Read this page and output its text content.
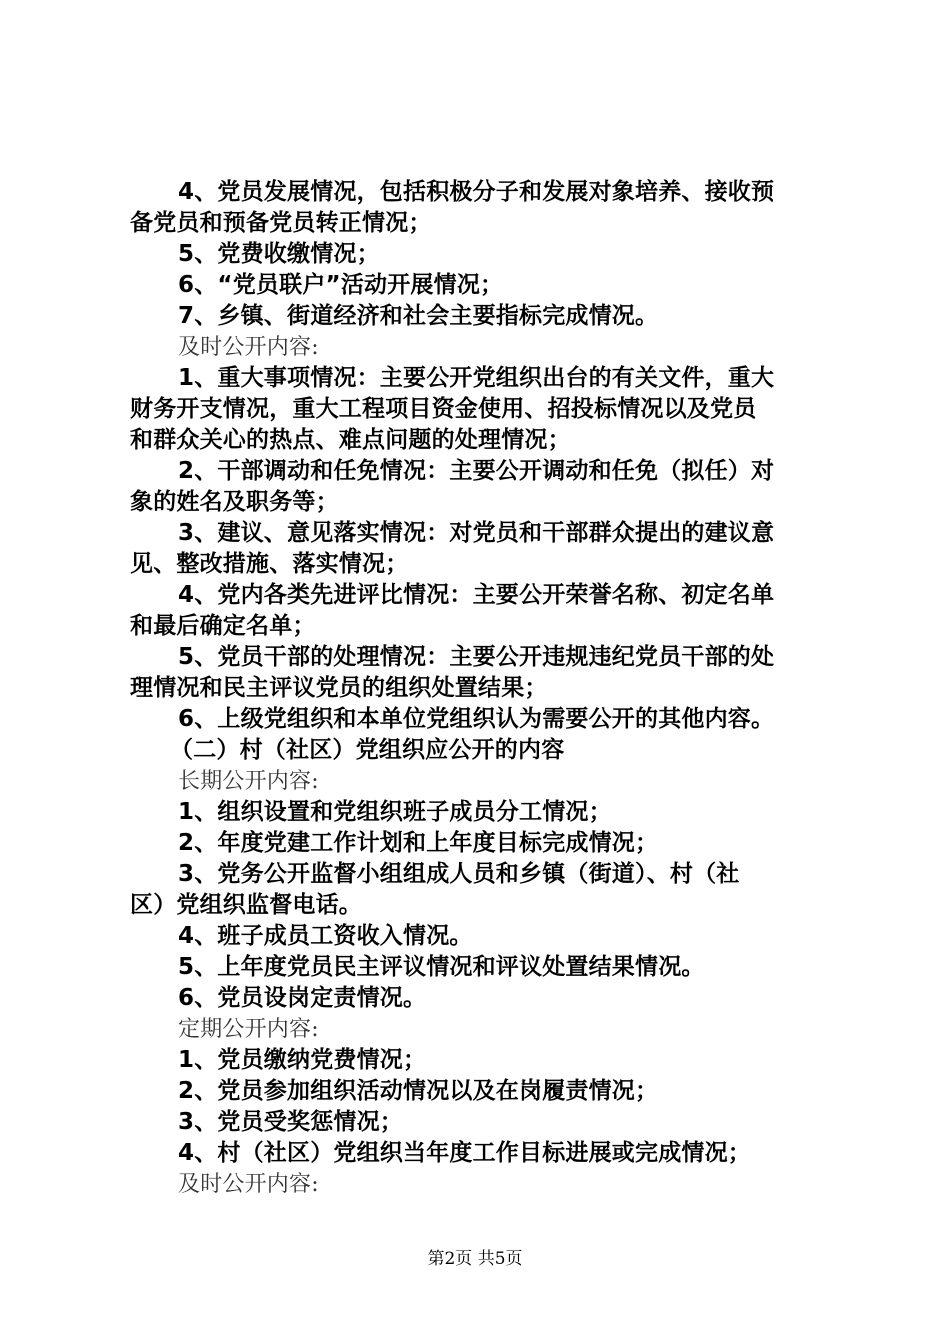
4、党员发展情况，包括积极分子和发展对象培养、接收预
备党员和预备党员转正情况；
5、党费收缴情况；
6、“党员联户”活动开展情况；
7、乡镇、街道经济和社会主要指标完成情况。
及时公开内容:
1、重大事项情况：主要公开党组织出台的有关文件，重大
财务开支情况，重大工程项目资金使用、招投标情况以及党员
和群众关心的热点、难点问题的处理情况；
2、干部调动和任免情况：主要公开调动和任免（拟任）对
象的姓名及职务等；
3、建议、意见落实情况：对党员和干部群众提出的建议意
见、整改措施、落实情况；
4、党内各类先进评比情况：主要公开荣誉名称、初定名单
和最后确定名单；
5、党员干部的处理情况：主要公开违规违纪党员干部的处
理情况和民主评议党员的组织处置结果；
6、上级党组织和本单位党组织认为需要公开的其他内容。
（二）村（社区）党组织应公开的内容
长期公开内容:
1、组织设置和党组织班子成员分工情况；
2、年度党建工作计划和上年度目标完成情况；
3、党务公开监督小组组成人员和乡镇（街道）、村（社
区）党组织监督电话。
4、班子成员工资收入情况。
5、上年度党员民主评议情况和评议处置结果情况。
6、党员设岗定责情况。
定期公开内容:
1、党员缴纳党费情况；
2、党员参加组织活动情况以及在岗履责情况；
3、党员受奖惩情况；
4、村（社区）党组织当年度工作目标进展或完成情况；
及时公开内容:
第2页 共5页
